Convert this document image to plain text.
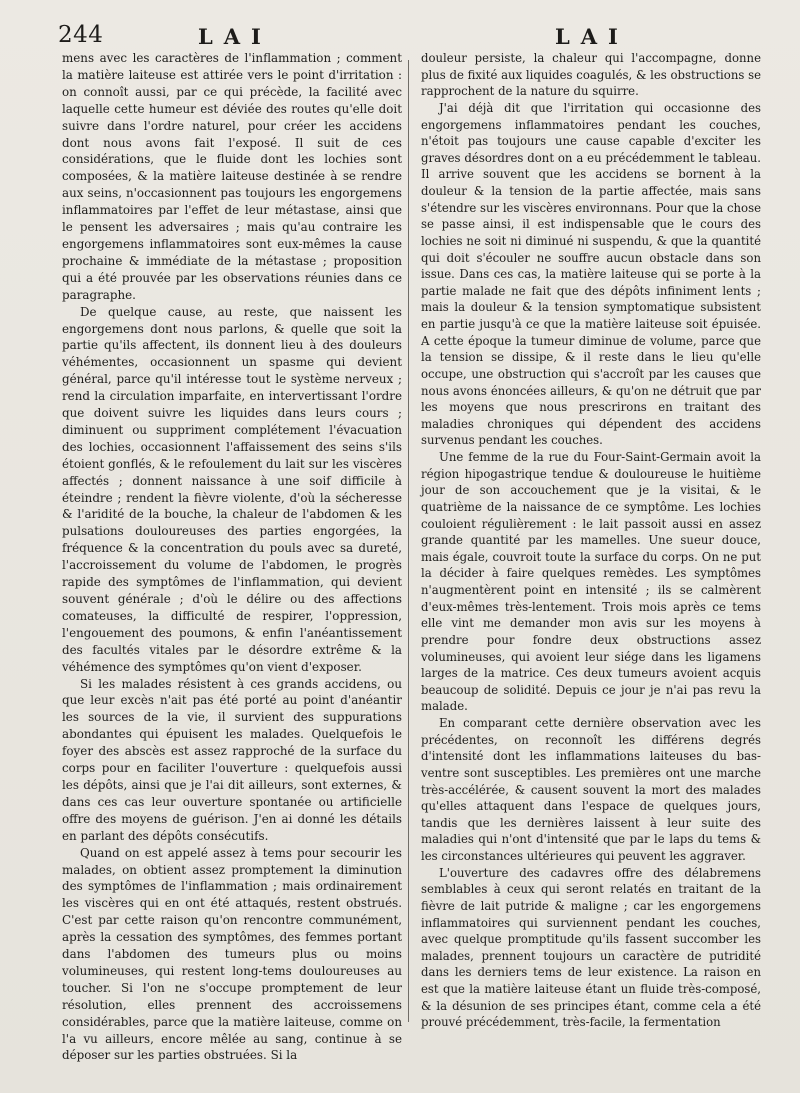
244	LAI	LAI

mens avec les caractères de l'inflammation ; comment la matière laiteuse est attirée vers le point d'irritation : on connoît aussi, par ce qui précède, la facilité avec laquelle cette humeur est déviée des routes qu'elle doit suivre dans l'ordre naturel, pour créer les accidens dont nous avons fait l'exposé. Il suit de ces considérations, que le fluide dont les lochies sont composées, & la matière laiteuse destinée à se rendre aux seins, n'occasionnent pas toujours les engorgemens inflammatoires par l'effet de leur métastase, ainsi que le pensent les adversaires ; mais qu'au contraire les engorgemens inflammatoires sont eux-mêmes la cause prochaine & immédiate de la métastase ; proposition qui a été prouvée par les observations réunies dans ce paragraphe.

De quelque cause, au reste, que naissent les engorgemens dont nous parlons, & quelle que soit la partie qu'ils affectent, ils donnent lieu à des douleurs véhémentes, occasionnent un spasme qui devient général, parce qu'il intéresse tout le système nerveux ; rend la circulation imparfaite, en intervertissant l'ordre que doivent suivre les liquides dans leurs cours ; diminuent ou suppriment complétement l'évacuation des lochies, occasionnent l'affaissement des seins s'ils étoient gonflés, & le refoulement du lait sur les viscères affectés ; donnent naissance à une soif difficile à éteindre ; rendent la fièvre violente, d'où la sécheresse & l'aridité de la bouche, la chaleur de l'abdomen & les pulsations douloureuses des parties engorgées, la fréquence & la concentration du pouls avec sa dureté, l'accroissement du volume de l'abdomen, le progrès rapide des symptômes de l'inflammation, qui devient souvent générale ; d'où le délire ou des affections comateuses, la difficulté de respirer, l'oppression, l'engouement des poumons, & enfin l'anéantissement des facultés vitales par le désordre extrême & la véhémence des symptômes qu'on vient d'exposer.

Si les malades résistent à ces grands accidens, ou que leur excès n'ait pas été porté au point d'anéantir les sources de la vie, il survient des suppurations abondantes qui épuisent les malades. Quelquefois le foyer des abscès est assez rapproché de la surface du corps pour en faciliter l'ouverture : quelquefois aussi les dépôts, ainsi que je l'ai dit ailleurs, sont externes, & dans ces cas leur ouverture spontanée ou artificielle offre des moyens de guérison. J'en ai donné les détails en parlant des dépôts consécutifs.

Quand on est appelé assez à tems pour secourir les malades, on obtient assez promptement la diminution des symptômes de l'inflammation ; mais ordinairement les viscères qui en ont été attaqués, restent obstrués. C'est par cette raison qu'on rencontre communément, après la cessation des symptômes, des femmes portant dans l'abdomen des tumeurs plus ou moins volumineuses, qui restent long-tems douloureuses au toucher. Si l'on ne s'occupe promptement de leur résolution, elles prennent des accroissemens considérables, parce que la matière laiteuse, comme on l'a vu ailleurs, encore mêlée au sang, continue à se déposer sur les parties obstruées. Si la

douleur persiste, la chaleur qui l'accompagne, donne plus de fixité aux liquides coagulés, & les obstructions se rapprochent de la nature du squirre.

J'ai déjà dit que l'irritation qui occasionne des engorgemens inflammatoires pendant les couches, n'étoit pas toujours une cause capable d'exciter les graves désordres dont on a eu précédemment le tableau. Il arrive souvent que les accidens se bornent à la douleur & la tension de la partie affectée, mais sans s'étendre sur les viscères environnans. Pour que la chose se passe ainsi, il est indispensable que le cours des lochies ne soit ni diminué ni suspendu, & que la quantité qui doit s'écouler ne souffre aucun obstacle dans son issue. Dans ces cas, la matière laiteuse qui se porte à la partie malade ne fait que des dépôts infiniment lents ; mais la douleur & la tension symptomatique subsistent en partie jusqu'à ce que la matière laiteuse soit épuisée. A cette époque la tumeur diminue de volume, parce que la tension se dissipe, & il reste dans le lieu qu'elle occupe, une obstruction qui s'accroît par les causes que nous avons énoncées ailleurs, & qu'on ne détruit que par les moyens que nous prescrirons en traitant des maladies chroniques qui dépendent des accidens survenus pendant les couches.

Une femme de la rue du Four-Saint-Germain avoit la région hipogastrique tendue & douloureuse le huitième jour de son accouchement que je la visitai, & le quatrième de la naissance de ce symptôme. Les lochies couloient régulièrement : le lait passoit aussi en assez grande quantité par les mamelles. Une sueur douce, mais égale, couvroit toute la surface du corps. On ne put la décider à faire quelques remèdes. Les symptômes n'augmentèrent point en intensité ; ils se calmèrent d'eux-mêmes très-lentement. Trois mois après ce tems elle vint me demander mon avis sur les moyens à prendre pour fondre deux obstructions assez volumineuses, qui avoient leur siége dans les ligamens larges de la matrice. Ces deux tumeurs avoient acquis beaucoup de solidité. Depuis ce jour je n'ai pas revu la malade.

En comparant cette dernière observation avec les précédentes, on reconnoît les différens degrés d'intensité dont les inflammations laiteuses du bas-ventre sont susceptibles. Les premières ont une marche très-accélérée, & causent souvent la mort des malades qu'elles attaquent dans l'espace de quelques jours, tandis que les dernières laissent à leur suite des maladies qui n'ont d'intensité que par le laps du tems & les circonstances ultérieures qui peuvent les aggraver.

L'ouverture des cadavres offre des délabremens semblables à ceux qui seront relatés en traitant de la fièvre de lait putride & maligne ; car les engorgemens inflammatoires qui surviennent pendant les couches, avec quelque promptitude qu'ils fassent succomber les malades, prennent toujours un caractère de putridité dans les derniers tems de leur existence. La raison en est que la matière laiteuse étant un fluide très-composé, & la désunion de ses principes étant, comme cela a été prouvé précédemment, très-facile, la fermentation
